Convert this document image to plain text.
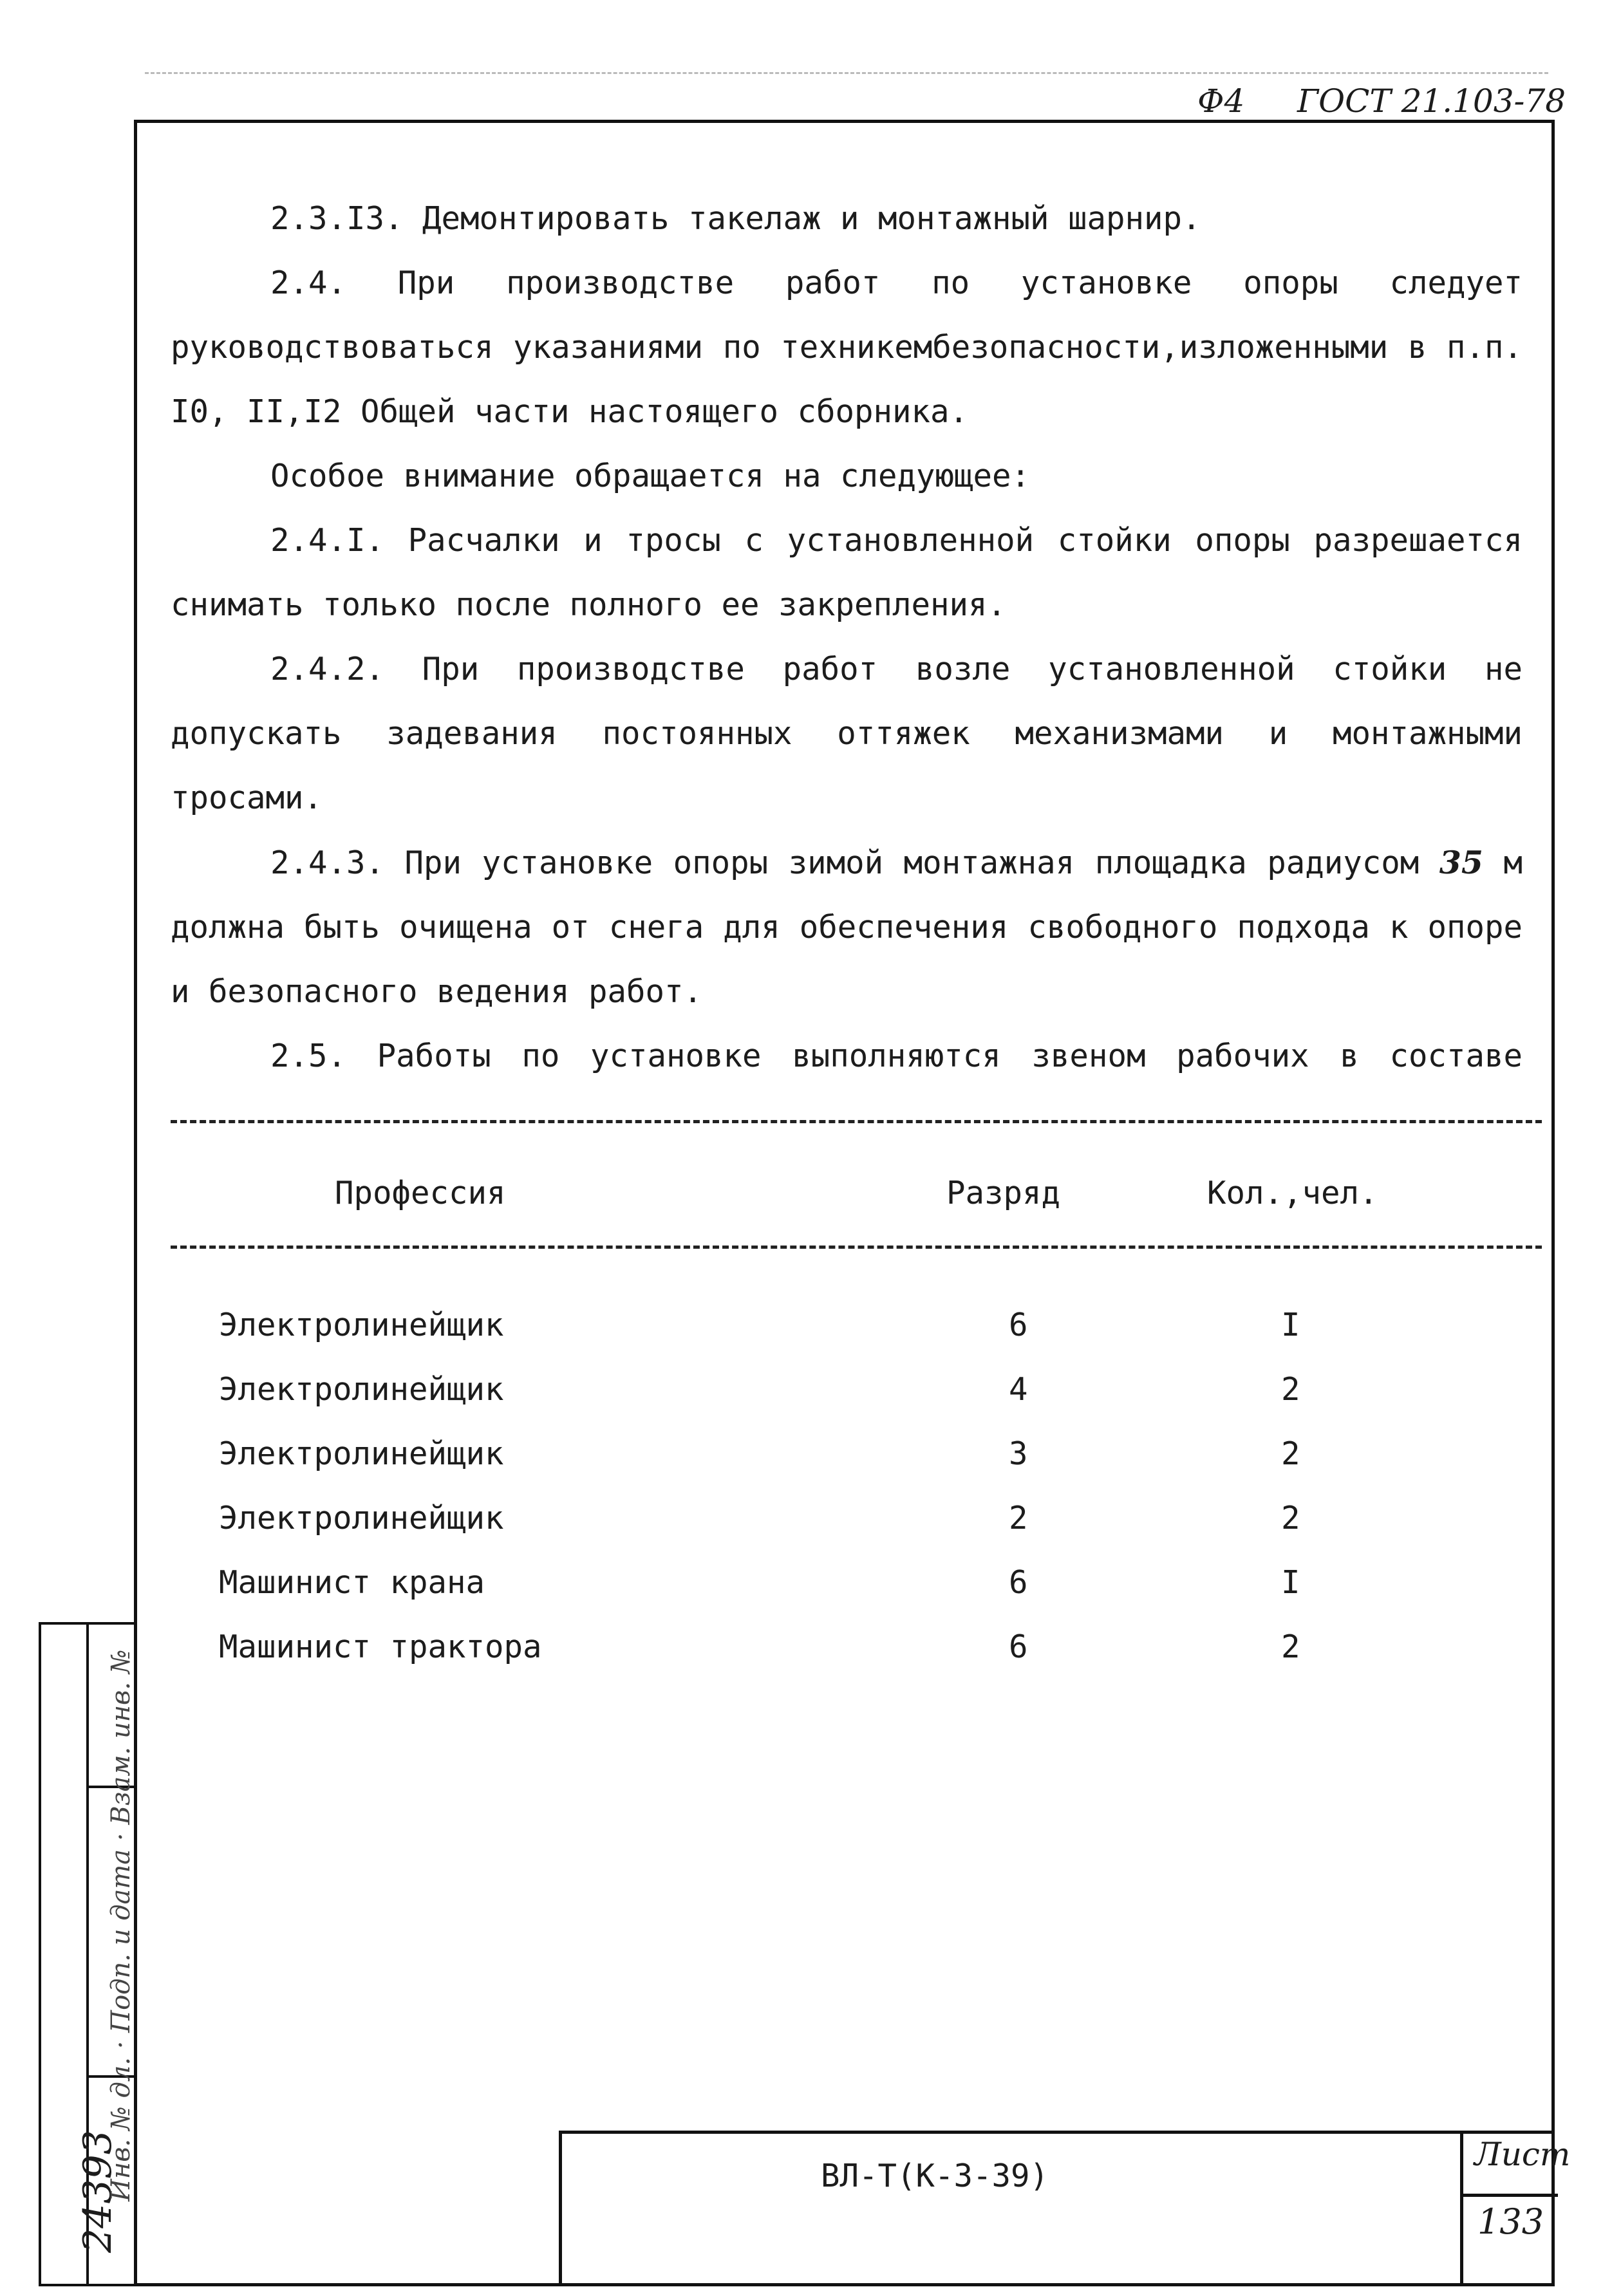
Ф4 ГОСТ 21.103-78

2.3.I3. Демонтировать такелаж и монтажный шарнир.

2.4. При производстве работ по установке опоры следует руководствоваться указаниями по техникембезопасности,изложенными в п.п. I0, II,I2 Общей части настоящего сборника.

Особое внимание обращается на следующее:

2.4.I. Расчалки и тросы с установленной стойки опоры разрешается снимать только после полного ее закрепления.

2.4.2. При производстве работ возле установленной стойки не допускать задевания постоянных оттяжек механизмами и монтажными тросами.

2.4.3. При установке опоры зимой монтажная площадка радиусом 35 м должна быть очищена от снега для обеспечения свободного подхода к опоре и безопасного ведения работ.

2.5. Работы по установке выполняются звеном рабочих в составе

Профессия	Разряд	Кол.,чел.
Электролинейщик	6	I
Электролинейщик	4	2
Электролинейщик	3	2
Электролинейщик	2	2
Машинист крана	6	I
Машинист трактора	6	2
ВЛ-Т(К-3-39)
Лист
133
24393
Инв. № дл. · Подп. и дата · Взам. инв. №
